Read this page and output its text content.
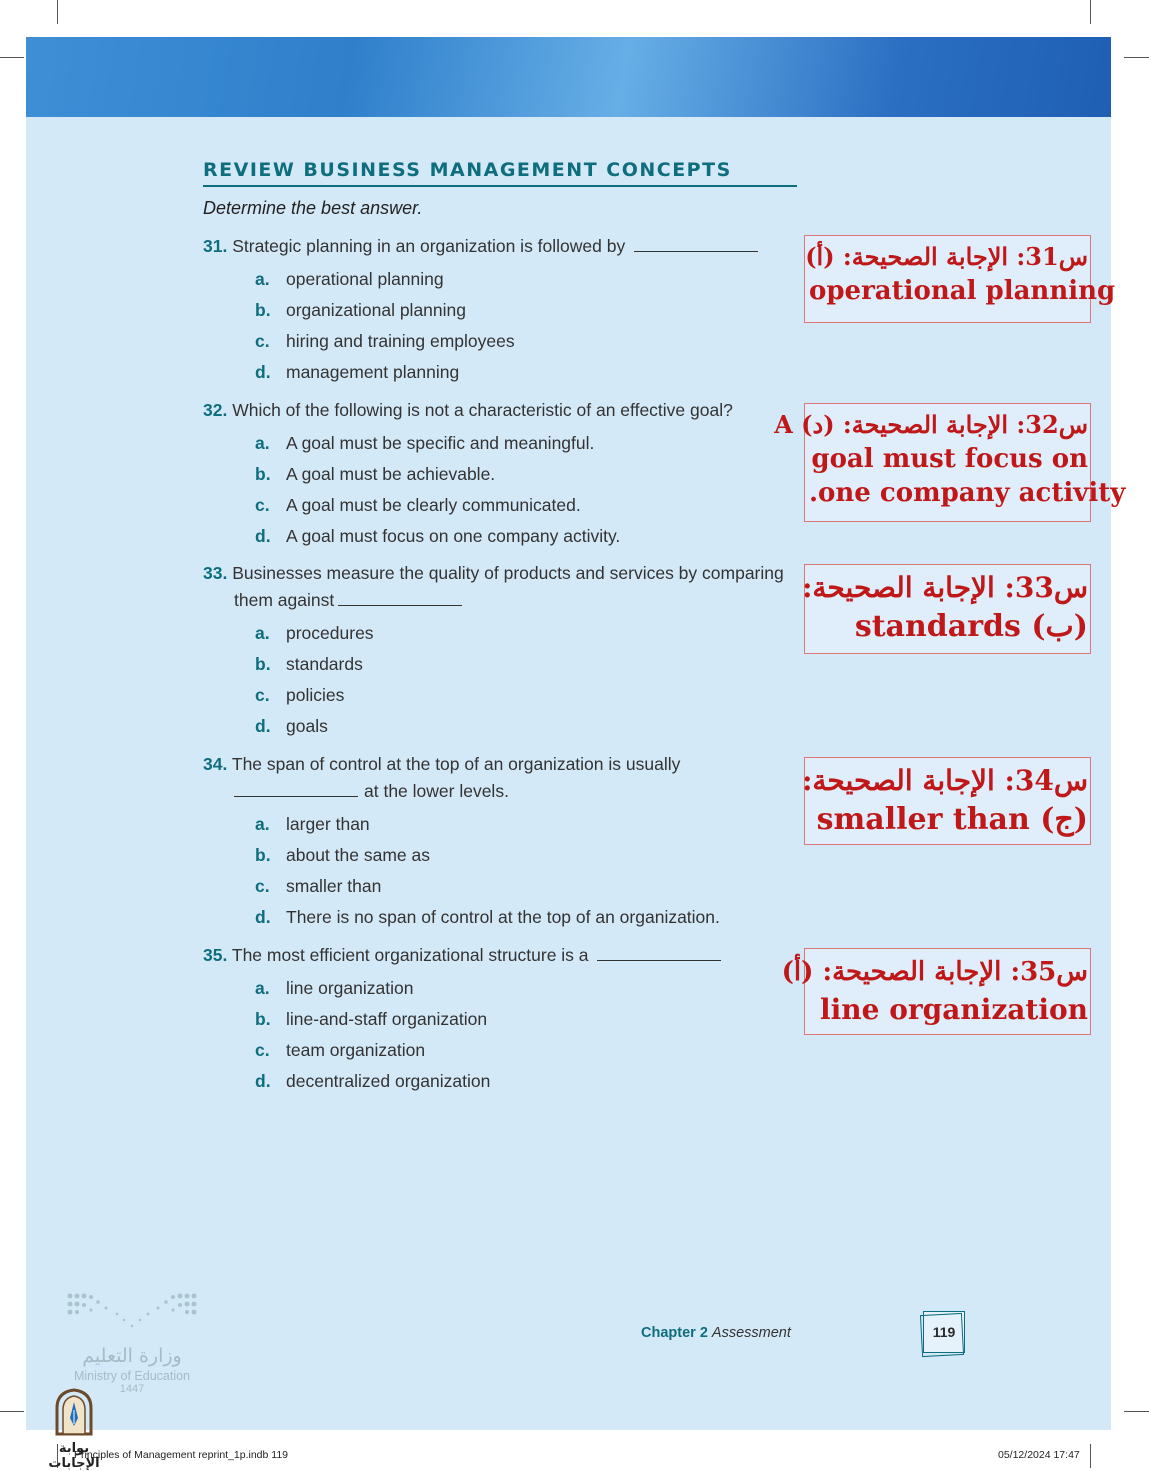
REVIEW BUSINESS MANAGEMENT CONCEPTS
Determine the best answer.
31. Strategic planning in an organization is followed by
a. operational planning
b. organizational planning
c. hiring and training employees
d. management planning
32. Which of the following is not a characteristic of an effective goal?
a. A goal must be specific and meaningful.
b. A goal must be achievable.
c. A goal must be clearly communicated.
d. A goal must focus on one company activity.
33. Businesses measure the quality of products and services by comparing
them against
a. procedures
b. standards
c. policies
d. goals
34. The span of control at the top of an organization is usually
at the lower levels.
a. larger than
b. about the same as
c. smaller than
d. There is no span of control at the top of an organization.
35. The most efficient organizational structure is a
a. line organization
b. line-and-staff organization
c. team organization
d. decentralized organization
س31: الإجابة الصحيحة: (أ)
operational planning
س32: الإجابة الصحيحة: (د) A
goal must focus on
.one company activity
س33: الإجابة الصحيحة:
standards (ب)
س34: الإجابة الصحيحة:
smaller than (ج)
س35: الإجابة الصحيحة: (أ)
line organization
وزارة التعليم
Ministry of Education
1447
Chapter 2 Assessment	119
بوابة الإجابات
Principles of Management reprint_1p.indb 119	05/12/2024 17:47
